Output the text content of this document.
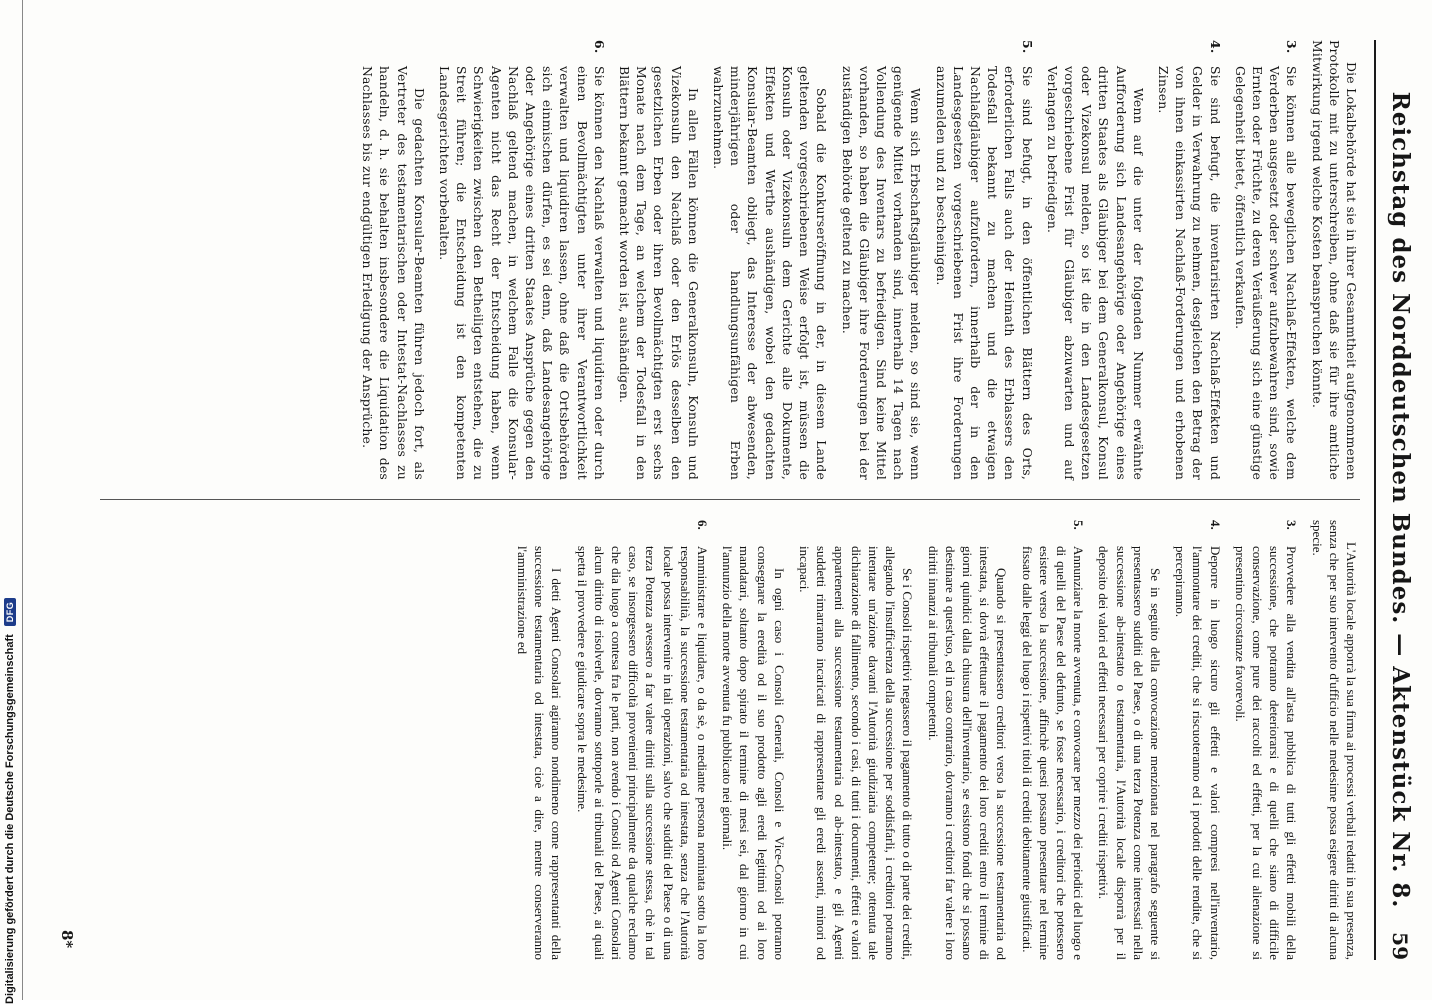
Reichstag des Norddeutschen Bundes. — Aktenstück Nr. 8.
59

Die Lokalbehörde hat sie in ihrer Gesammtheit aufgenommenen Protokolle mit zu unterschreiben, ohne daß sie für ihre amtliche Mitwirkung irgend welche Kosten beanspruchen könnte.

3.
Sie können alle beweglichen Nachlaß-Effekten, welche dem Verderben ausgesetzt oder schwer aufzubewahren sind, sowie Ernten oder Früchte, zu deren Veräußerung sich eine günstige Gelegenheit bietet, öffentlich verkaufen.
4.
Sie sind befugt, die inventarisirten Nachlaß-Effekten und Gelder in Verwahrung zu nehmen, desgleichen den Betrag der von ihnen einkassirten Nachlaß-Forderungen und erhobenen Zinsen.

Wenn auf die unter der folgenden Nummer erwähnte Aufforderung sich Landesangehörige oder Angehörige eines dritten Staates als Gläubiger bei dem Generalkonsul, Konsul oder Vizekonsul melden, so ist die in den Landesgesetzen vorgeschriebene Frist für Gläubiger abzuwarten und auf Verlangen zu befriedigen.

5.
Sie sind befugt, in den öffentlichen Blättern des Orts, erforderlichen Falls auch der Heimath des Erblassers den Todesfall bekannt zu machen und die etwaigen Nachlaßgläubiger aufzufordern, innerhalb der in den Landesgesetzen vorgeschriebenen Frist ihre Forderungen anzumelden und zu bescheinigen.

Wenn sich Erbschaftsgläubiger melden, so sind sie, wenn genügende Mittel vorhanden sind, innerhalb 14 Tagen nach Vollendung des Inventars zu befriedigen. Sind keine Mittel vorhanden, so haben die Gläubiger ihre Forderungen bei der zuständigen Behörde geltend zu machen.

Sobald die Konkurseröffnung in der, in diesem Lande geltenden vorgeschriebenen Weise erfolgt ist, müssen die Konsuln oder Vizekonsuln dem Gerichte alle Dokumente, Effekten und Werthe aushändigen, wobei den gedachten Konsular-Beamten obliegt, das Interesse der abwesenden, minderjährigen oder handlungsunfähigen Erben wahrzunehmen.

In allen Fällen können die Generalkonsuln, Konsuln und Vizekonsuln den Nachlaß oder den Erlös desselben den gesetzlichen Erben oder ihren Bevollmächtigten erst sechs Monate nach dem Tage, an welchem der Todesfall in den Blättern bekannt gemacht worden ist, aushändigen.

6.
Sie können den Nachlaß verwalten und liquidiren oder durch einen Bevollmächtigten unter ihrer Verantwortlichkeit verwalten und liquidiren lassen, ohne daß die Ortsbehörden sich einmischen dürfen, es sei denn, daß Landesangehörige oder Angehörige eines dritten Staates Ansprüche gegen den Nachlaß geltend machen, in welchem Falle die Konsular-Agenten nicht das Recht der Entscheidung haben, wenn Schwierigkeiten zwischen den Betheiligten entstehen, die zu Streit führen; die Entscheidung ist den kompetenten Landesgerichten vorbehalten.

Die gedachten Konsular-Beamten führen jedoch fort, als Vertreter des testamentarischen oder Intestat-Nachlasses zu handeln, d. h. sie behalten insbesondere die Liquidation des Nachlasses bis zur endgültigen Erledigung der Ansprüche.

L'Autorità locale apporrà la sua firma ai processi verbali redatti in sua presenza, senza che per suo intervento d'ufficio nelle medesime possa esigere diritti di alcuna specie.

3.
Provvedere alla vendita all'asta pubblica di tutti gli effetti mobili della successione, che potranno deteriorarsi e di quelli che siano di difficile conservazione, come pure dei raccolti ed effetti, per la cui alienazione si presentino circostanze favorevoli.
4.
Deporre in luogo sicuro gli effetti e valori compresi nell'inventario, l'ammontare dei crediti, che si riscuoteranno ed i prodotti delle rendite, che si percepiranno.

Se in seguito della convocazione menzionata nel paragrafo seguente si presentassero sudditi del Paese, o di una terza Potenza come interessati nella successione ab-intestato o testamentaria, l'Autorità locale disporrà per il deposito dei valori ed effetti necessari per coprire i crediti rispettivi.

5.
Annunziare la morte avvenuta, e convocare per mezzo dei periodici del luogo e di quelli del Paese del defunto, se fosse necessario, i creditori che potessero esistere verso la successione, affinchè questi possano presentare nel termine fissato dalle leggi del luogo i rispettivi titoli di crediti debitamente giustificati.

Quando si presentassero creditori verso la successione testamentaria od intestata, si dovrà effettuare il pagamento dei loro crediti entro il termine di giorni quindici dalla chiusura dell'inventario, se esistono fondi che si possano destinare a quest'uso, ed in caso contrario, dovranno i creditori far valere i loro diritti innanzi ai tribunali competenti.

Se i Consoli rispettivi negassero il pagamento di tutto o di parte dei crediti, allegando l'insufficienza della successione per soddisfarli, i creditori potranno intentare un'azione davanti l'Autorità giudiziaria competente; ottenuta tale dichiarazione di fallimento, secondo i casi, di tutti i documenti, effetti e valori appartenenti alla successione testamentaria od ab-intestato, e gli Agenti suddetti rimarranno incaricati di rappresentare gli eredi assenti, minori od incapaci.

In ogni caso i Consoli Generali, Consoli e Vice-Consoli potranno consegnare la eredità od il suo prodotto agli eredi legittimi od ai loro mandatari, soltanto dopo spirato il termine di mesi sei, dal giorno in cui l'annunzio della morte avvenuta fu pubblicato nei giornali.

6.
Amministrare e liquidare, o da sè, o mediante persona nominata sotto la loro responsabilità, la successione testamentaria od intestata, senza che l'Autorità locale possa intervenire in tali operazioni, salvo che sudditi del Paese o di una terza Potenza avessero a far valere diritti sulla successione stessa, chè in tal caso, se insorgessero difficoltà provenienti principalmente da qualche reclamo che dia luogo a contesa fra le parti, non avendo i Consoli od Agenti Consolari alcun diritto di risolverle, dovranno sottoporle ai tribunali del Paese, ai quali spetta il provvedere e giudicare sopra le medesime.

I detti Agenti Consolari agiranno nondimeno come rappresentanti della successione testamentaria od intestata, cioè a dire, mentre conserveranno l'amministrazione ed

8*
Digitalisierung gefördert durch die Deutsche Forschungsgemeinschaft
DFG
